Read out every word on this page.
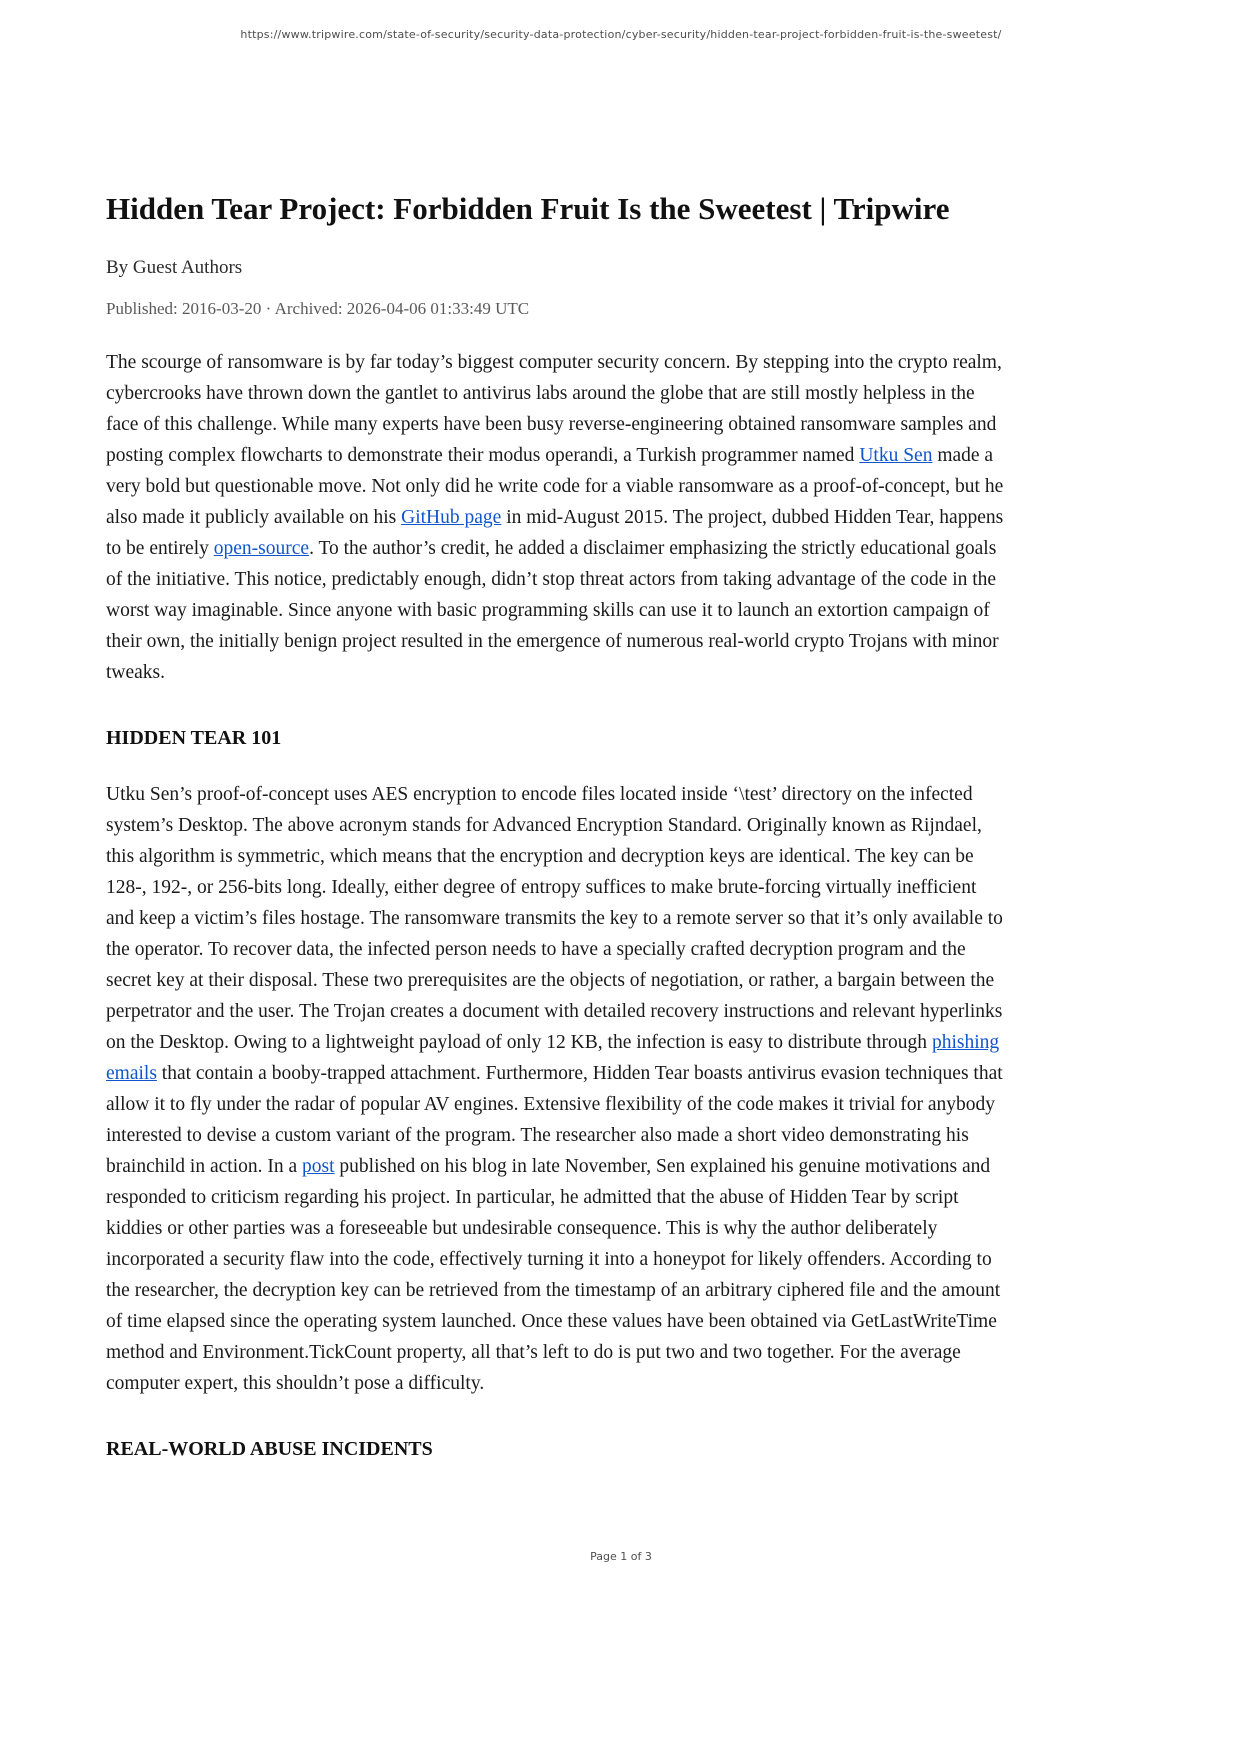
https://www.tripwire.com/state-of-security/security-data-protection/cyber-security/hidden-tear-project-forbidden-fruit-is-the-sweetest/
Hidden Tear Project: Forbidden Fruit Is the Sweetest | Tripwire

By Guest Authors

Published: 2016-03-20 · Archived: 2026-04-06 01:33:49 UTC

The scourge of ransomware is by far today’s biggest computer security concern. By stepping into the crypto realm, cybercrooks have thrown down the gantlet to antivirus labs around the globe that are still mostly helpless in the face of this challenge. While many experts have been busy reverse-engineering obtained ransomware samples and posting complex flowcharts to demonstrate their modus operandi, a Turkish programmer named Utku Sen made a very bold but questionable move. Not only did he write code for a viable ransomware as a proof-of-concept, but he also made it publicly available on his GitHub page in mid-August 2015. The project, dubbed Hidden Tear, happens to be entirely open-source. To the author’s credit, he added a disclaimer emphasizing the strictly educational goals of the initiative. This notice, predictably enough, didn’t stop threat actors from taking advantage of the code in the worst way imaginable. Since anyone with basic programming skills can use it to launch an extortion campaign of their own, the initially benign project resulted in the emergence of numerous real-world crypto Trojans with minor tweaks.

HIDDEN TEAR 101

Utku Sen’s proof-of-concept uses AES encryption to encode files located inside ‘\test’ directory on the infected system’s Desktop. The above acronym stands for Advanced Encryption Standard. Originally known as Rijndael, this algorithm is symmetric, which means that the encryption and decryption keys are identical. The key can be 128-, 192-, or 256-bits long. Ideally, either degree of entropy suffices to make brute-forcing virtually inefficient and keep a victim’s files hostage. The ransomware transmits the key to a remote server so that it’s only available to the operator. To recover data, the infected person needs to have a specially crafted decryption program and the secret key at their disposal. These two prerequisites are the objects of negotiation, or rather, a bargain between the perpetrator and the user. The Trojan creates a document with detailed recovery instructions and relevant hyperlinks on the Desktop. Owing to a lightweight payload of only 12 KB, the infection is easy to distribute through phishing emails that contain a booby-trapped attachment. Furthermore, Hidden Tear boasts antivirus evasion techniques that allow it to fly under the radar of popular AV engines. Extensive flexibility of the code makes it trivial for anybody interested to devise a custom variant of the program. The researcher also made a short video demonstrating his brainchild in action. In a post published on his blog in late November, Sen explained his genuine motivations and responded to criticism regarding his project. In particular, he admitted that the abuse of Hidden Tear by script kiddies or other parties was a foreseeable but undesirable consequence. This is why the author deliberately incorporated a security flaw into the code, effectively turning it into a honeypot for likely offenders. According to the researcher, the decryption key can be retrieved from the timestamp of an arbitrary ciphered file and the amount of time elapsed since the operating system launched. Once these values have been obtained via GetLastWriteTime method and Environment.TickCount property, all that’s left to do is put two and two together. For the average computer expert, this shouldn’t pose a difficulty.

REAL-WORLD ABUSE INCIDENTS
Page 1 of 3
